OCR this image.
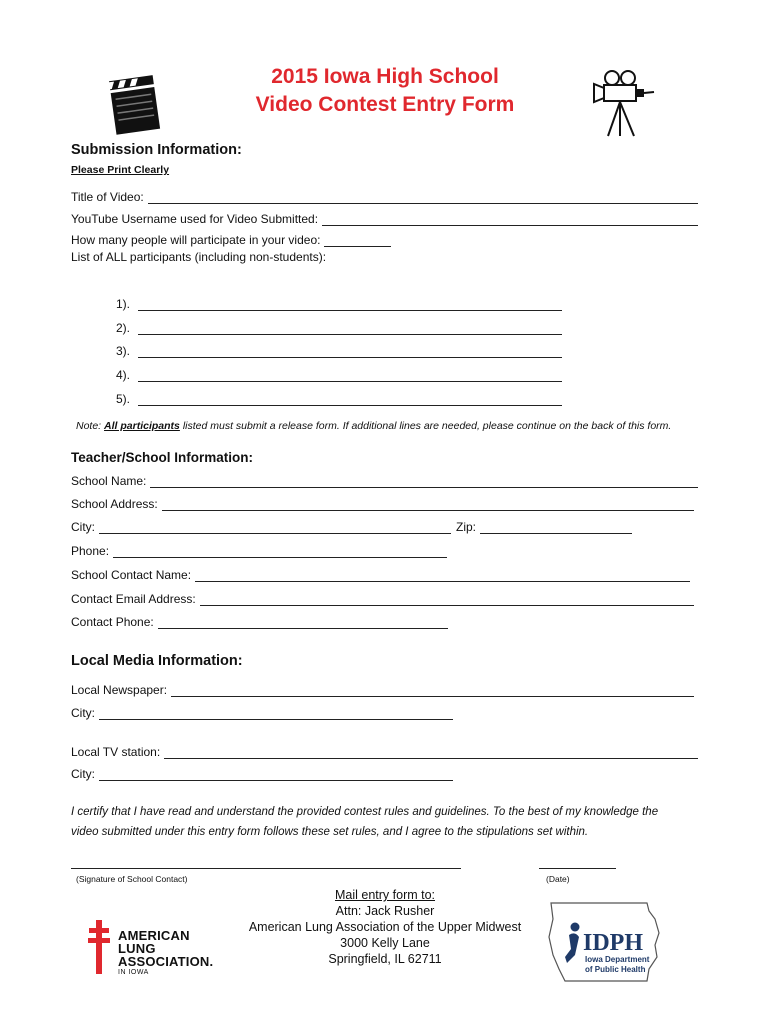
2015 Iowa High School
Video Contest Entry Form
Submission Information:
Please Print Clearly
Title of Video:
YouTube Username used for Video Submitted:
How many people will participate in your video:
List of ALL participants (including non-students):
1).
2).
3).
4).
5).
Note: All participants listed must submit a release form. If additional lines are needed, please continue on the back of this form.
Teacher/School Information:
School Name:
School Address:
City:	Zip:
Phone:
School Contact Name:
Contact Email Address:
Contact Phone:
Local Media Information:
Local Newspaper:
City:
Local TV station:
City:
I certify that I have read and understand the provided contest rules and guidelines. To the best of my knowledge the
video submitted under this entry form follows these set rules, and I agree to the stipulations set within.
(Signature of School Contact)	(Date)
Mail entry form to:
Attn: Jack Rusher
American Lung Association of the Upper Midwest
3000 Kelly Lane
Springfield, IL 62711
AMERICAN
LUNG
ASSOCIATION.
IN IOWA
IDPH
Iowa Department
of Public Health
